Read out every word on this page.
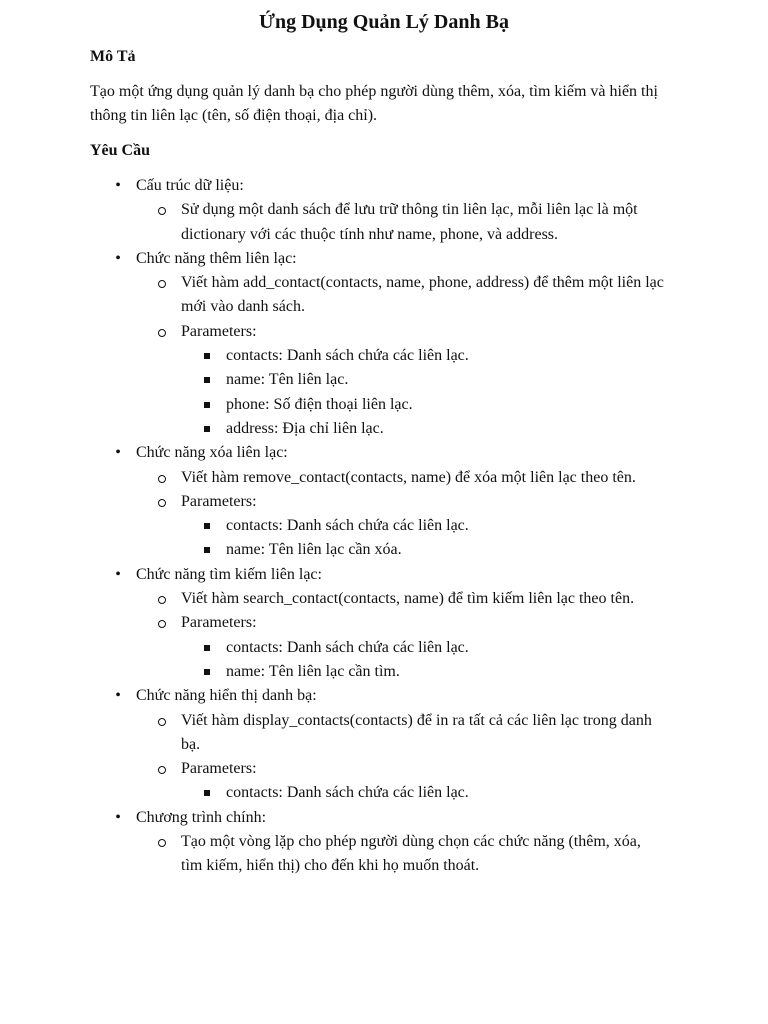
Ứng Dụng Quản Lý Danh Bạ
Mô Tả

Tạo một ứng dụng quản lý danh bạ cho phép người dùng thêm, xóa, tìm kiếm và hiển thị thông tin liên lạc (tên, số điện thoại, địa chỉ).

Yêu Cầu
• Cấu trúc dữ liệu:
Sử dụng một danh sách để lưu trữ thông tin liên lạc, mỗi liên lạc là một dictionary với các thuộc tính như name, phone, và address.
• Chức năng thêm liên lạc:
Viết hàm add_contact(contacts, name, phone, address) để thêm một liên lạc mới vào danh sách.
Parameters:
contacts: Danh sách chứa các liên lạc.
name: Tên liên lạc.
phone: Số điện thoại liên lạc.
address: Địa chỉ liên lạc.
• Chức năng xóa liên lạc:
Viết hàm remove_contact(contacts, name) để xóa một liên lạc theo tên.
Parameters:
contacts: Danh sách chứa các liên lạc.
name: Tên liên lạc cần xóa.
• Chức năng tìm kiếm liên lạc:
Viết hàm search_contact(contacts, name) để tìm kiếm liên lạc theo tên.
Parameters:
contacts: Danh sách chứa các liên lạc.
name: Tên liên lạc cần tìm.
• Chức năng hiển thị danh bạ:
Viết hàm display_contacts(contacts) để in ra tất cả các liên lạc trong danh bạ.
Parameters:
contacts: Danh sách chứa các liên lạc.
• Chương trình chính:
Tạo một vòng lặp cho phép người dùng chọn các chức năng (thêm, xóa, tìm kiếm, hiển thị) cho đến khi họ muốn thoát.
